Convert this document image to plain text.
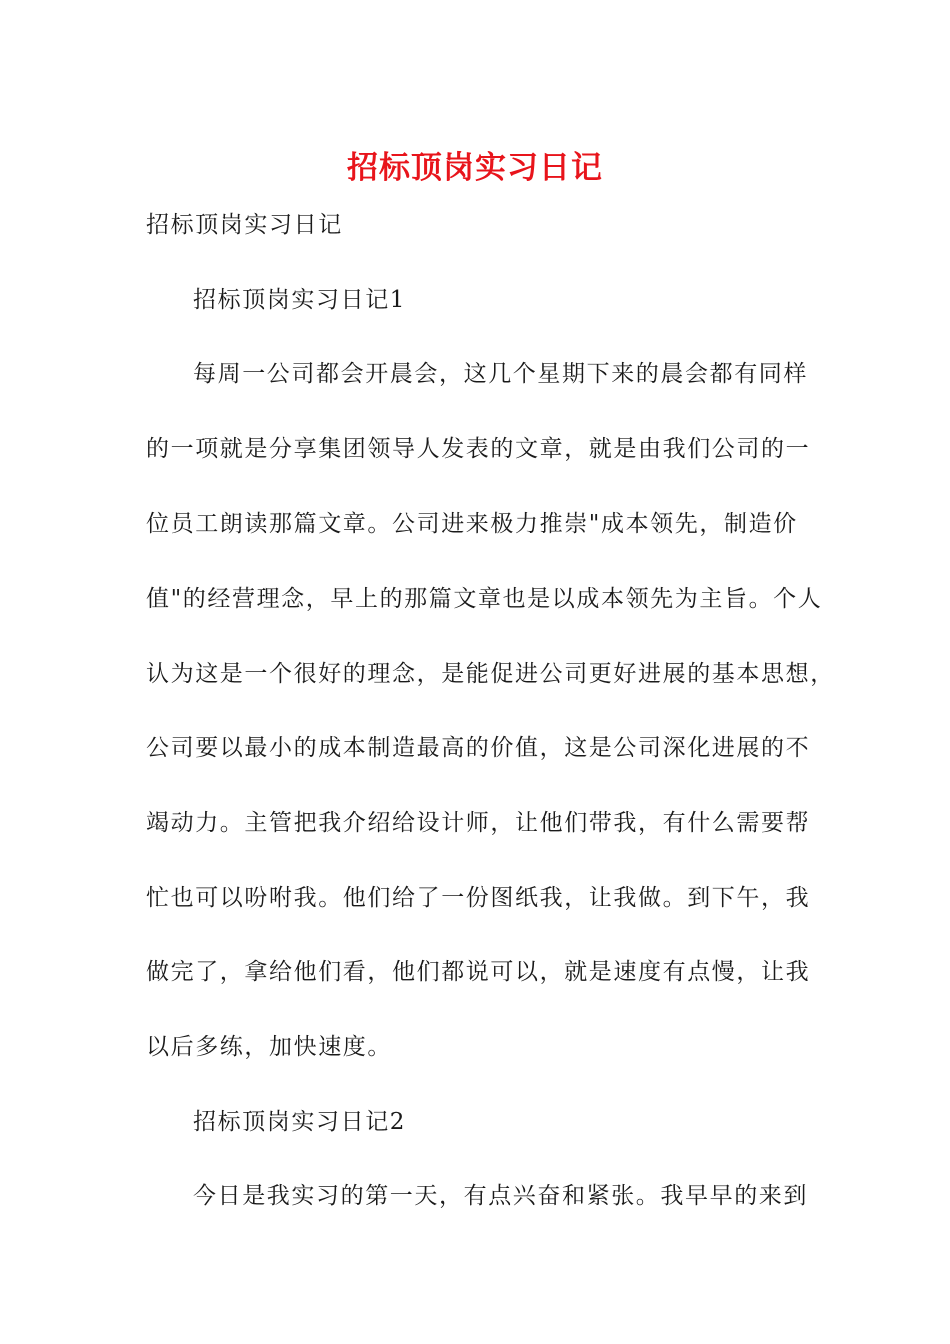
招标顶岗实习日记
招标顶岗实习日记
招标顶岗实习日记1
每周一公司都会开晨会，这几个星期下来的晨会都有同样
的一项就是分享集团领导人发表的文章，就是由我们公司的一
位员工朗读那篇文章。公司进来极力推崇"成本领先，制造价
值"的经营理念，早上的那篇文章也是以成本领先为主旨。个人
认为这是一个很好的理念，是能促进公司更好进展的基本思想，
公司要以最小的成本制造最高的价值，这是公司深化进展的不
竭动力。主管把我介绍给设计师，让他们带我，有什么需要帮
忙也可以吩咐我。他们给了一份图纸我，让我做。到下午，我
做完了，拿给他们看，他们都说可以，就是速度有点慢，让我
以后多练，加快速度。
招标顶岗实习日记2
今日是我实习的第一天，有点兴奋和紧张。我早早的来到
